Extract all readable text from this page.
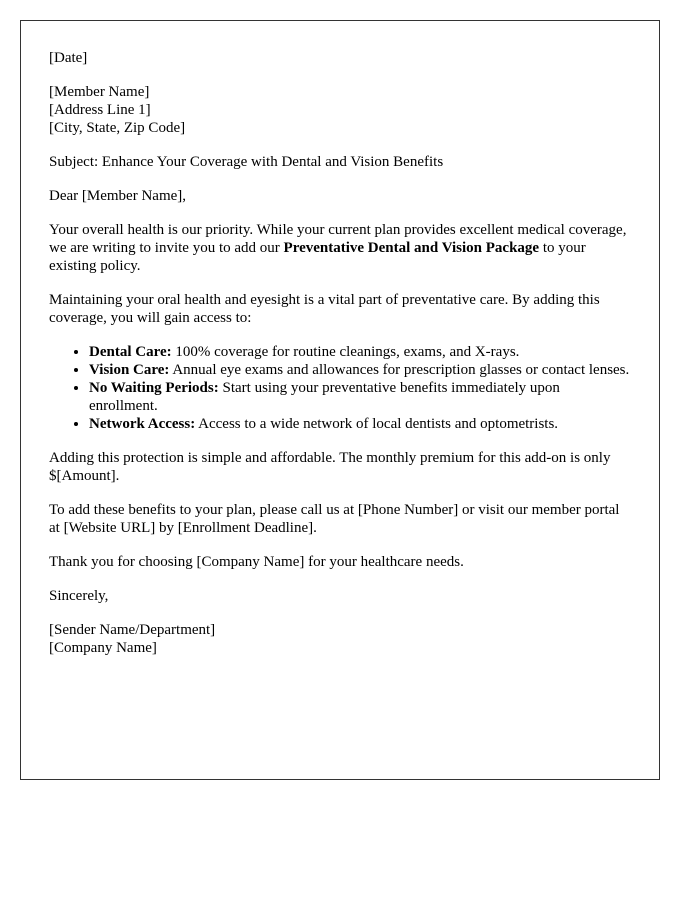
[Date]

[Member Name]
[Address Line 1]
[City, State, Zip Code]

Subject: Enhance Your Coverage with Dental and Vision Benefits

Dear [Member Name],

Your overall health is our priority. While your current plan provides excellent medical coverage, we are writing to invite you to add our Preventative Dental and Vision Package to your existing policy.

Maintaining your oral health and eyesight is a vital part of preventative care. By adding this coverage, you will gain access to:

• Dental Care: 100% coverage for routine cleanings, exams, and X-rays.
• Vision Care: Annual eye exams and allowances for prescription glasses or contact lenses.
• No Waiting Periods: Start using your preventative benefits immediately upon enrollment.
• Network Access: Access to a wide network of local dentists and optometrists.

Adding this protection is simple and affordable. The monthly premium for this add-on is only $[Amount].

To add these benefits to your plan, please call us at [Phone Number] or visit our member portal at [Website URL] by [Enrollment Deadline].

Thank you for choosing [Company Name] for your healthcare needs.

Sincerely,

[Sender Name/Department]
[Company Name]
